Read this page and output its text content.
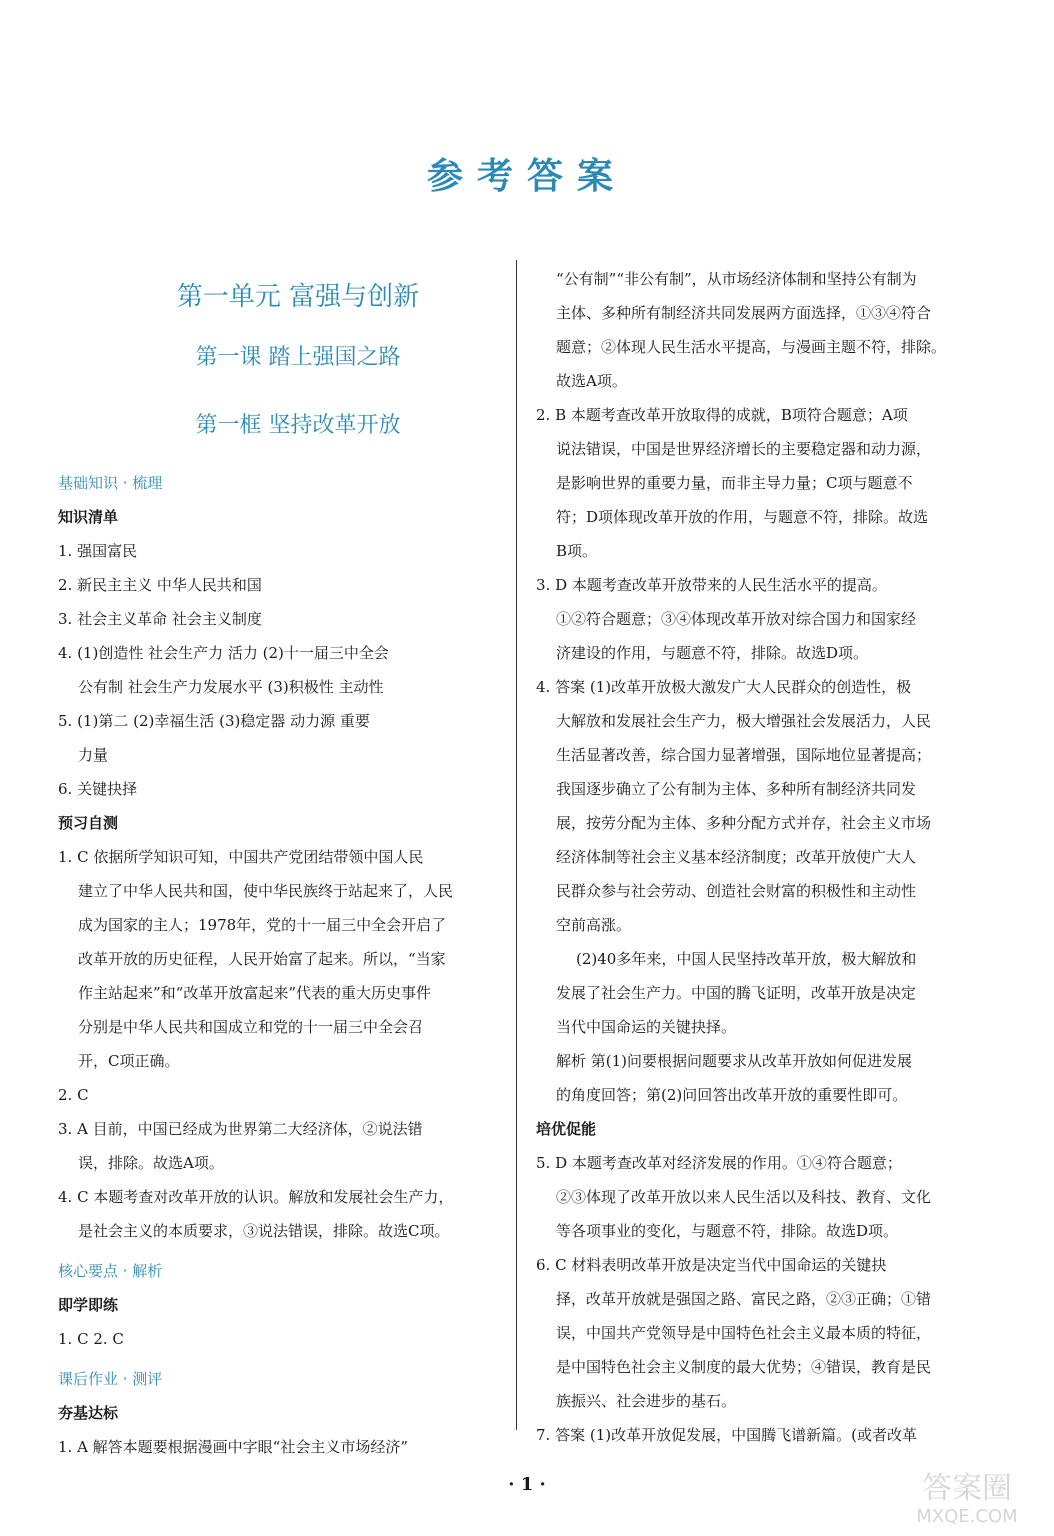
参考答案
第一单元 富强与创新
第一课 踏上强国之路
第一框 坚持改革开放
基础知识 · 梳理
知识清单
1. 强国富民
2. 新民主主义 中华人民共和国
3. 社会主义革命 社会主义制度
4. (1)创造性 社会生产力 活力 (2)十一届三中全会
公有制 社会生产力发展水平 (3)积极性 主动性
5. (1)第二 (2)幸福生活 (3)稳定器 动力源 重要
力量
6. 关键抉择
预习自测
1. C 依据所学知识可知，中国共产党团结带领中国人民
建立了中华人民共和国，使中华民族终于站起来了，人民
成为国家的主人；1978年，党的十一届三中全会开启了
改革开放的历史征程，人民开始富了起来。所以，“当家
作主站起来”和“改革开放富起来”代表的重大历史事件
分别是中华人民共和国成立和党的十一届三中全会召
开，C项正确。
2. C
3. A 目前，中国已经成为世界第二大经济体，②说法错
误，排除。故选A项。
4. C 本题考查对改革开放的认识。解放和发展社会生产力，
是社会主义的本质要求，③说法错误，排除。故选C项。
核心要点 · 解析
即学即练
1. C 2. C
课后作业 · 测评
夯基达标
1. A 解答本题要根据漫画中字眼“社会主义市场经济”
“公有制”“非公有制”，从市场经济体制和坚持公有制为
主体、多种所有制经济共同发展两方面选择，①③④符合
题意；②体现人民生活水平提高，与漫画主题不符，排除。
故选A项。
2. B 本题考查改革开放取得的成就，B项符合题意；A项
说法错误，中国是世界经济增长的主要稳定器和动力源，
是影响世界的重要力量，而非主导力量；C项与题意不
符；D项体现改革开放的作用，与题意不符，排除。故选
B项。
3. D 本题考查改革开放带来的人民生活水平的提高。
①②符合题意；③④体现改革开放对综合国力和国家经
济建设的作用，与题意不符，排除。故选D项。
4. 答案 (1)改革开放极大激发广大人民群众的创造性，极
大解放和发展社会生产力，极大增强社会发展活力，人民
生活显著改善，综合国力显著增强，国际地位显著提高；
我国逐步确立了公有制为主体、多种所有制经济共同发
展，按劳分配为主体、多种分配方式并存，社会主义市场
经济体制等社会主义基本经济制度；改革开放使广大人
民群众参与社会劳动、创造社会财富的积极性和主动性
空前高涨。
(2)40多年来，中国人民坚持改革开放，极大解放和
发展了社会生产力。中国的腾飞证明，改革开放是决定
当代中国命运的关键抉择。
解析 第(1)问要根据问题要求从改革开放如何促进发展
的角度回答；第(2)问回答出改革开放的重要性即可。
培优促能
5. D 本题考查改革对经济发展的作用。①④符合题意；
②③体现了改革开放以来人民生活以及科技、教育、文化
等各项事业的变化，与题意不符，排除。故选D项。
6. C 材料表明改革开放是决定当代中国命运的关键抉
择，改革开放就是强国之路、富民之路，②③正确；①错
误，中国共产党领导是中国特色社会主义最本质的特征，
是中国特色社会主义制度的最大优势；④错误，教育是民
族振兴、社会进步的基石。
7. 答案 (1)改革开放促发展，中国腾飞谱新篇。(或者改革
· 1 ·	答案圈
MXQE.COM
